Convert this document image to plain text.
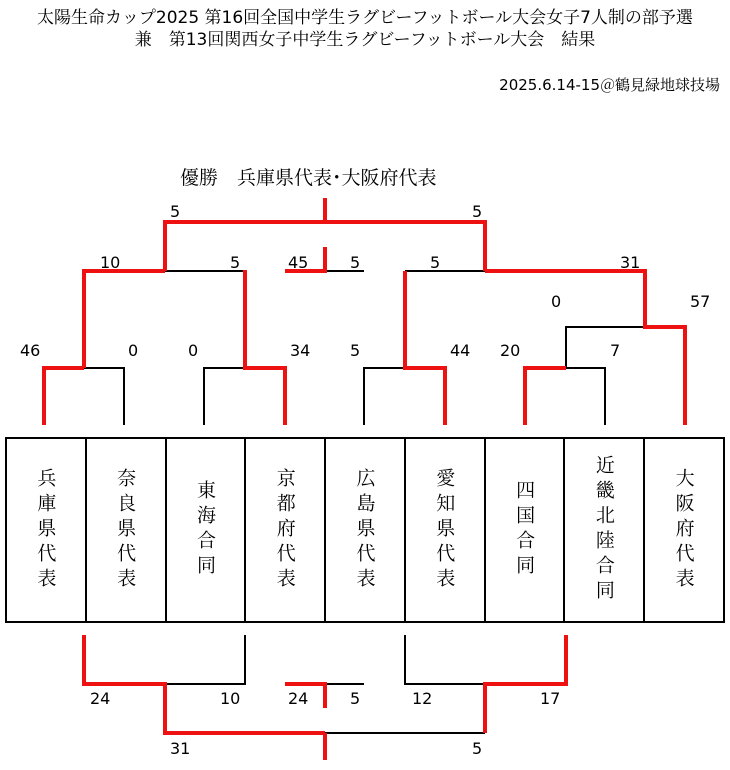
太陽生命カップ2025 第16回全国中学生ラグビーフットボール大会女子7人制の部予選
兼　第13回関西女子中学生ラグビーフットボール大会　結果
2025.6.14-15＠鶴見緑地球技場
優勝　兵庫県代表･大阪府代表
46	0	0	34 5	44 20	7
0	57
10	5	45	5	5	31
5	5
兵庫県代表	奈良県代表	東海合同	京都府代表	広島県代表	愛知県代表	四国合同	近畿北陸合同	大阪府代表
24	10	24	5	12	17
31	5
